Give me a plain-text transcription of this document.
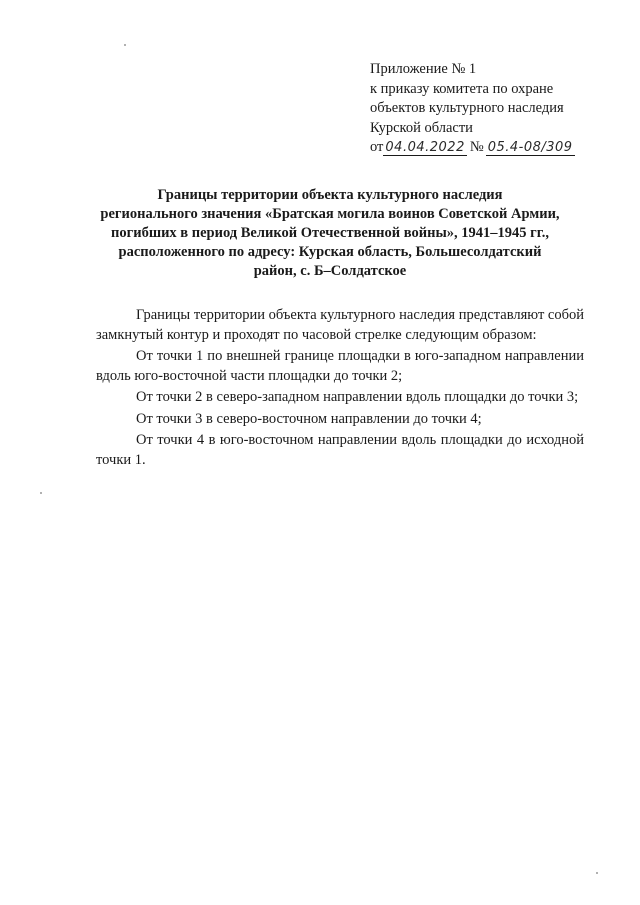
Приложение № 1
к приказу комитета по охране
объектов культурного наследия
Курской области
от 04.04.2022 № 05.4-08/309
Границы территории объекта культурного наследия
регионального значения «Братская могила воинов Советской Армии,
погибших в период Великой Отечественной войны», 1941–1945 гг.,
расположенного по адресу: Курская область, Большесолдатский
район, с. Б–Солдатское

Границы территории объекта культурного наследия представляют собой замкнутый контур и проходят по часовой стрелке следующим образом:

От точки 1 по внешней границе площадки в юго-западном направлении вдоль юго-восточной части площадки до точки 2;

От точки 2 в северо-западном направлении вдоль площадки до точки 3;

От точки 3 в северо-восточном направлении до точки 4;

От точки 4 в юго-восточном направлении вдоль площадки до исходной точки 1.
